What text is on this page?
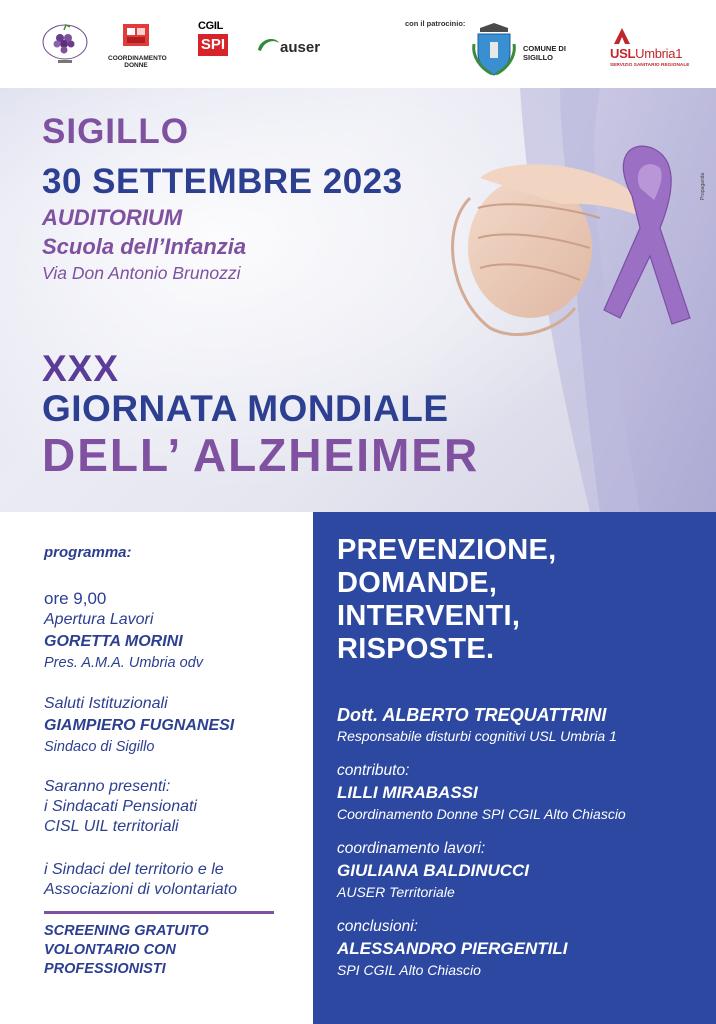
COORDINAMENTO DONNE
CGIL
SPI	auser
con il patrocinio:
COMUNE DI SIGILLO	USLUmbria1
SERVIZIO SANITARIO REGIONALE
SIGILLO
30 SETTEMBRE 2023
AUDITORIUM
Scuola dell’Infanzia
Via Don Antonio Brunozzi
XXX
GIORNATA MONDIALE
DELL’ ALZHEIMER
Propaganda
programma:
ore 9,00
Apertura Lavori
GORETTA MORINI
Pres. A.M.A. Umbria odv
Saluti Istituzionali
GIAMPIERO FUGNANESI
Sindaco di Sigillo
Saranno presenti:
i Sindacati Pensionati
CISL UIL territoriali
i Sindaci del territorio e le
Associazioni di volontariato
SCREENING GRATUITO
VOLONTARIO CON
PROFESSIONISTI
PREVENZIONE,
DOMANDE,
INTERVENTI,
RISPOSTE.
Dott. ALBERTO TREQUATTRINI
Responsabile disturbi cognitivi USL Umbria 1
contributo:
LILLI MIRABASSI
Coordinamento Donne SPI CGIL Alto Chiascio
coordinamento lavori:
GIULIANA BALDINUCCI
AUSER Territoriale
conclusioni:
ALESSANDRO PIERGENTILI
SPI CGIL Alto Chiascio
